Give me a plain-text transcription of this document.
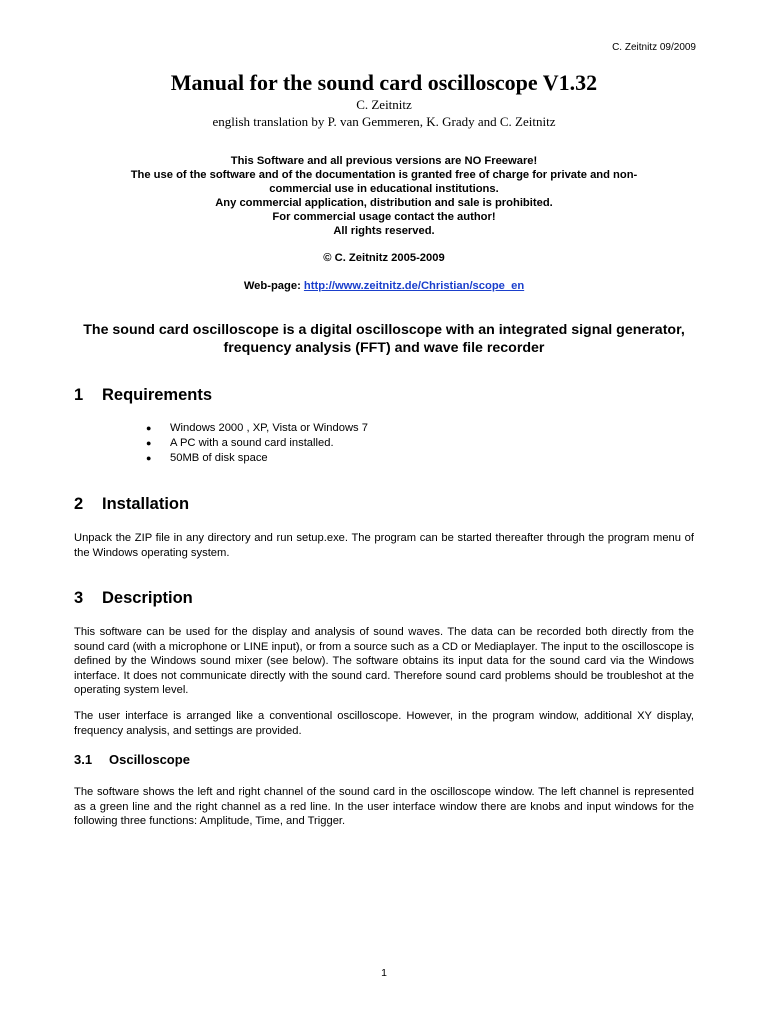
C. Zeitnitz 09/2009
Manual for the sound card oscilloscope V1.32

C. Zeitnitz

english translation by P. van Gemmeren, K. Grady and C. Zeitnitz

This Software and all previous versions are NO Freeware!

The use of the software and of the documentation is granted free of charge for private and non-

commercial use in educational institutions.

Any commercial application, distribution and sale is prohibited.

For commercial usage contact the author!

All rights reserved.

© C. Zeitnitz 2005-2009
Web-page: http://www.zeitnitz.de/Christian/scope_en

The sound card oscilloscope is a digital oscilloscope with an integrated signal generator, frequency analysis (FFT) and wave file recorder

1 Requirements
● Windows 2000 , XP, Vista or Windows 7
● A PC with a sound card installed.
● 50MB of disk space
2 Installation

Unpack the ZIP file in any directory and run setup.exe. The program can be started thereafter through the program menu of the Windows operating system.

3 Description

This software can be used for the display and analysis of sound waves. The data can be recorded both directly from the sound card (with a microphone or LINE input), or from a source such as a CD or Mediaplayer. The input to the oscilloscope is defined by the Windows sound mixer (see below). The software obtains its input data for the sound card via the Windows interface. It does not communicate directly with the sound card. Therefore sound card problems should be troubleshot at the operating system level.

The user interface is arranged like a conventional oscilloscope. However, in the program window, additional XY display, frequency analysis, and settings are provided.

3.1 Oscilloscope

The software shows the left and right channel of the sound card in the oscilloscope window. The left channel is represented as a green line and the right channel as a red line. In the user interface window there are knobs and input windows for the following three functions: Amplitude, Time, and Trigger.

1
